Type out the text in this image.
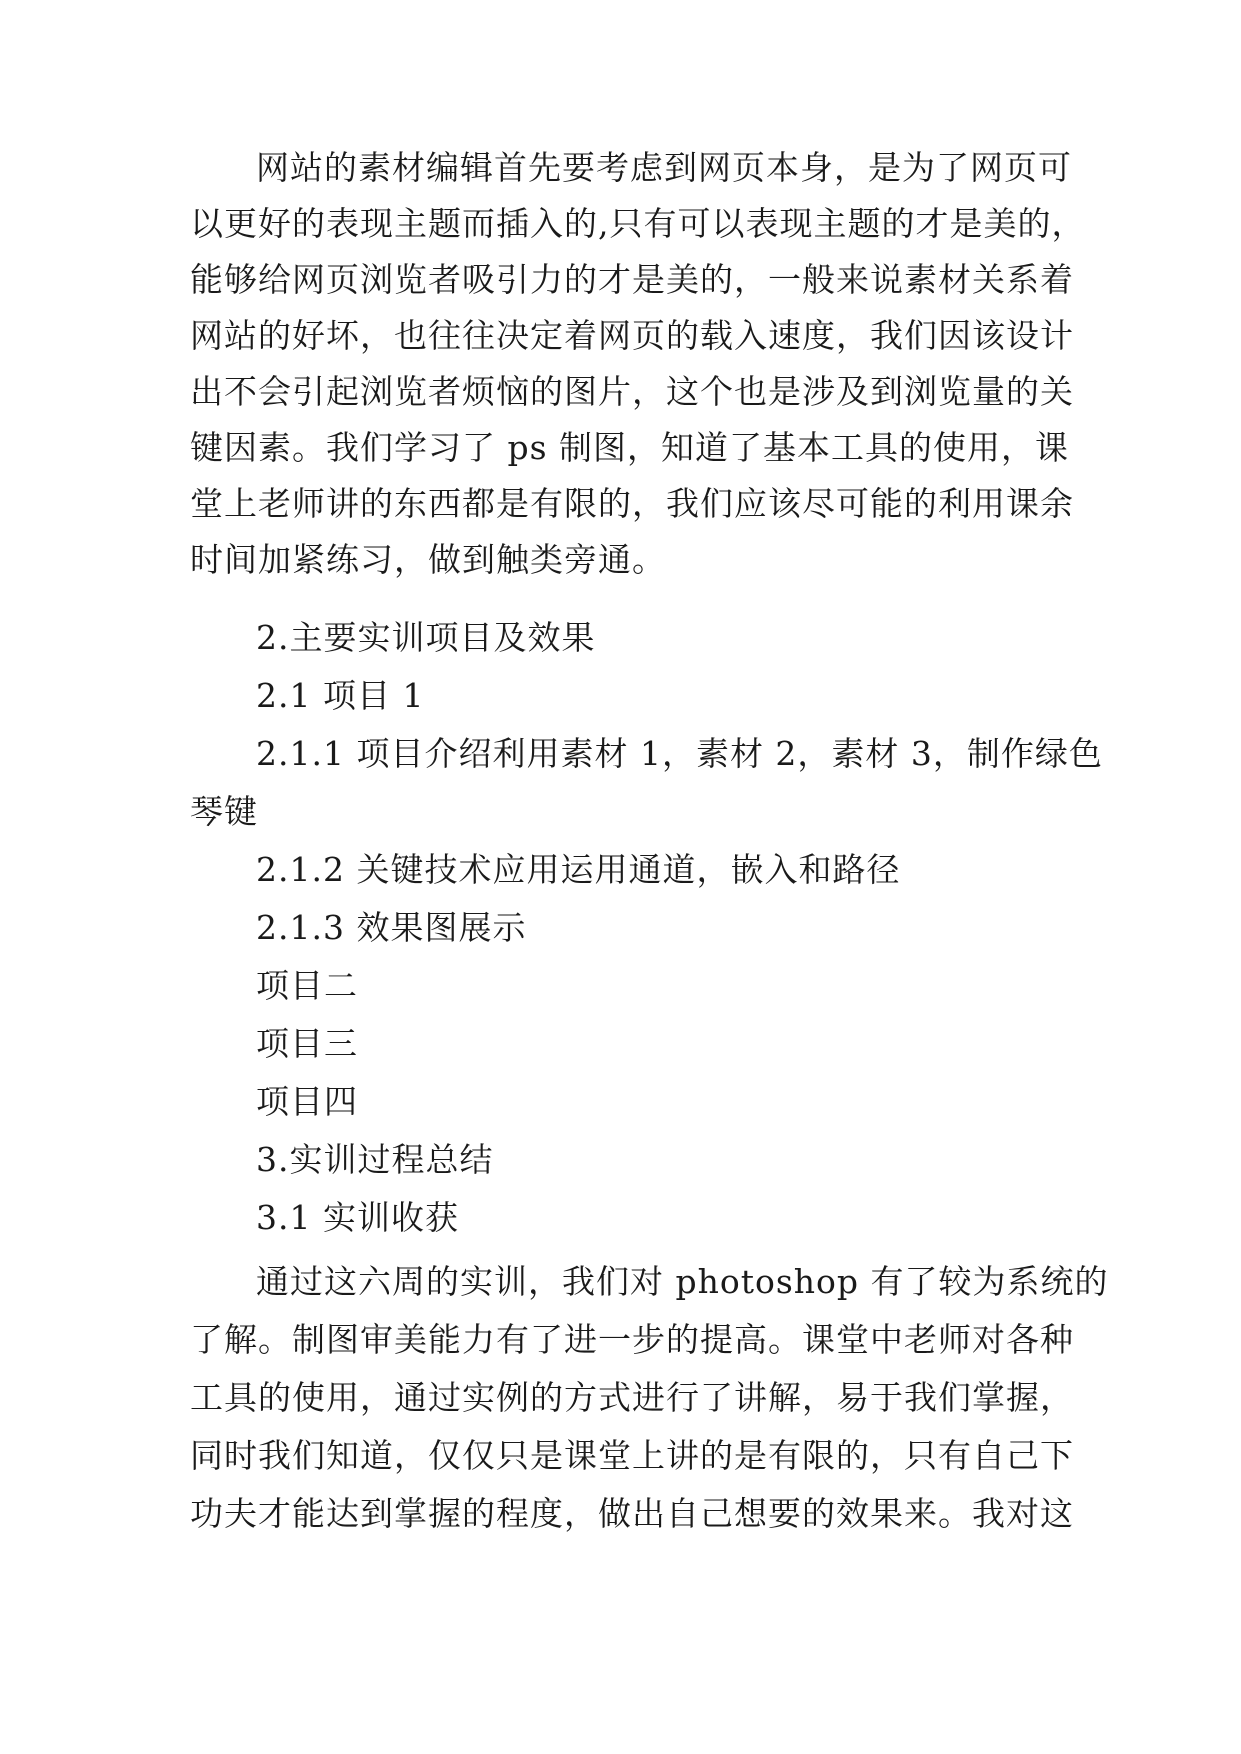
网站的素材编辑首先要考虑到网页本身，是为了网页可
以更好的表现主题而插入的,只有可以表现主题的才是美的，
能够给网页浏览者吸引力的才是美的，一般来说素材关系着
网站的好坏，也往往决定着网页的载入速度，我们因该设计
出不会引起浏览者烦恼的图片，这个也是涉及到浏览量的关
键因素。我们学习了 ps 制图，知道了基本工具的使用，课
堂上老师讲的东西都是有限的，我们应该尽可能的利用课余
时间加紧练习，做到触类旁通。
2.主要实训项目及效果
2.1 项目 1
2.1.1 项目介绍利用素材 1，素材 2，素材 3，制作绿色
琴键
2.1.2 关键技术应用运用通道，嵌入和路径
2.1.3 效果图展示
项目二
项目三
项目四
3.实训过程总结
3.1 实训收获
通过这六周的实训，我们对 photoshop 有了较为系统的
了解。制图审美能力有了进一步的提高。课堂中老师对各种
工具的使用，通过实例的方式进行了讲解，易于我们掌握，
同时我们知道，仅仅只是课堂上讲的是有限的，只有自己下
功夫才能达到掌握的程度，做出自己想要的效果来。我对这
